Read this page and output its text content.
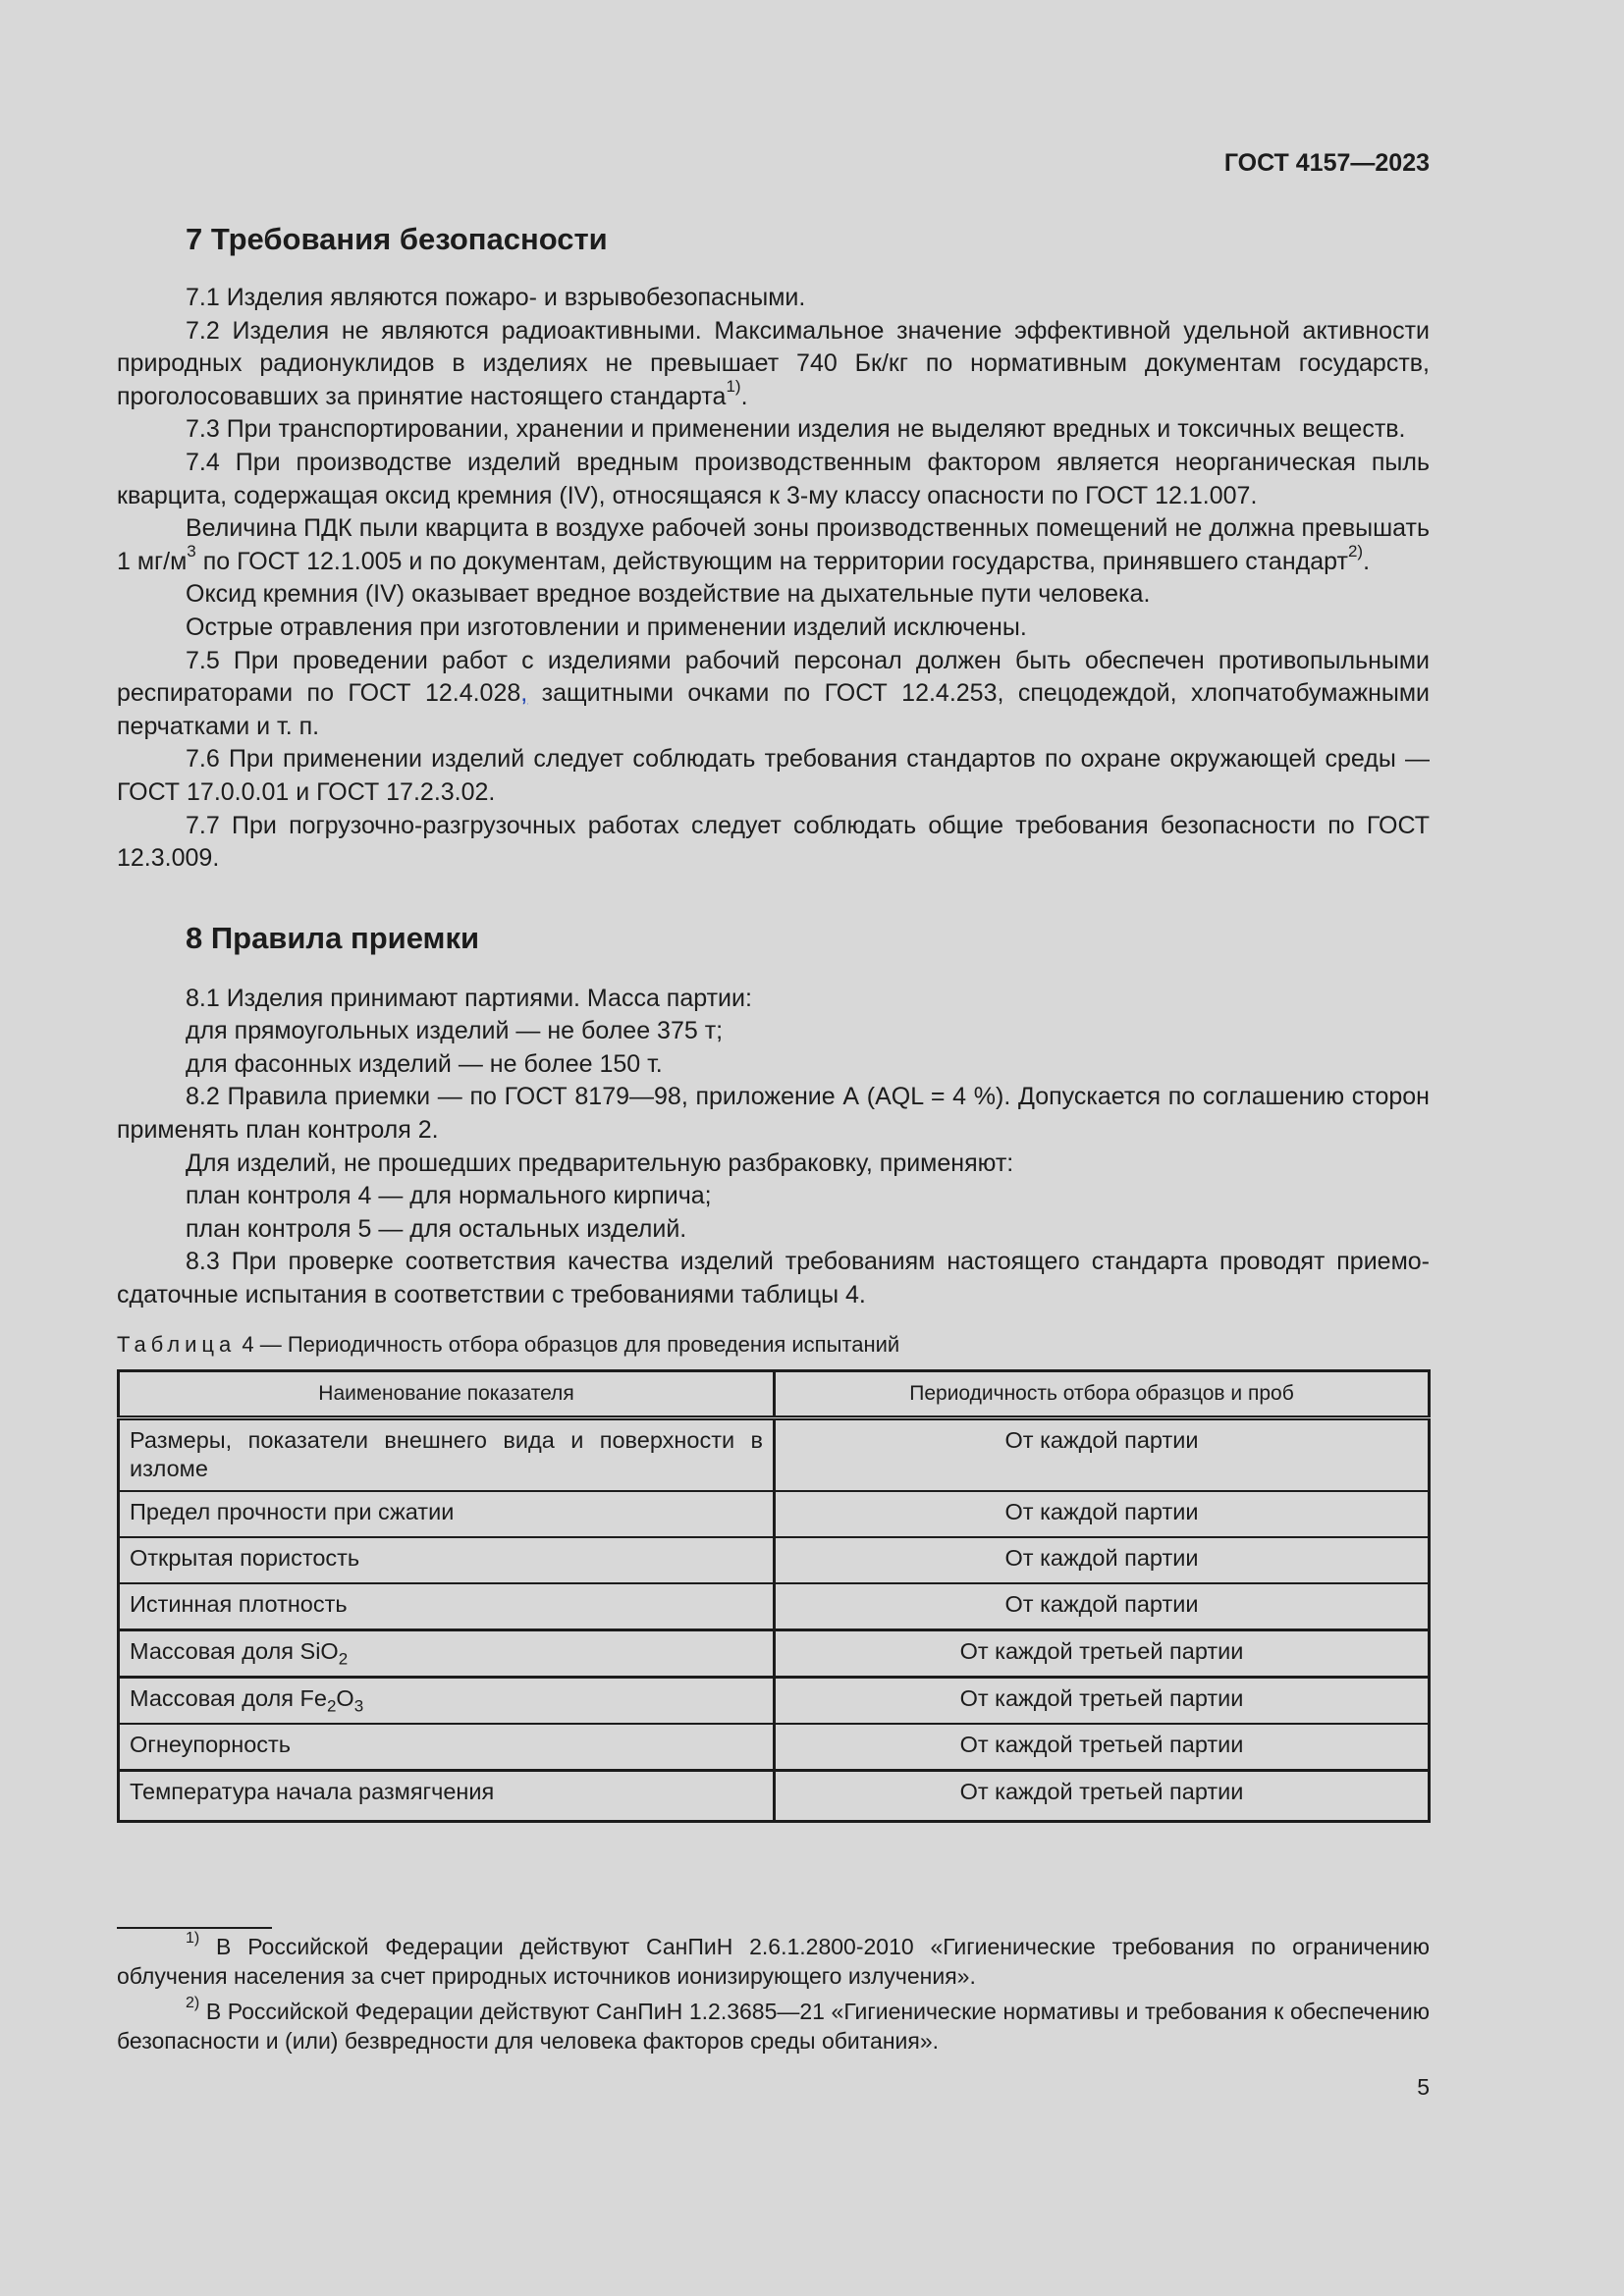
ГОСТ 4157—2023
7 Требования безопасности

7.1 Изделия являются пожаро- и взрывобезопасными.

7.2 Изделия не являются радиоактивными. Максимальное значение эффективной удельной активности природных радионуклидов в изделиях не превышает 740 Бк/кг по нормативным документам государств, проголосовавших за принятие настоящего стандарта$^{1)}$.

7.3 При транспортировании, хранении и применении изделия не выделяют вредных и токсичных веществ.

7.4 При производстве изделий вредным производственным фактором является неорганическая пыль кварцита, содержащая оксид кремния (IV), относящаяся к 3-му классу опасности по ГОСТ 12.1.007.

Величина ПДК пыли кварцита в воздухе рабочей зоны производственных помещений не должна превышать 1 $мг/м^3$ по ГОСТ 12.1.005 и по документам, действующим на территории государства, принявшего стандарт$^{2)}$.

Оксид кремния (IV) оказывает вредное воздействие на дыхательные пути человека.

Острые отравления при изготовлении и применении изделий исключены.

7.5 При проведении работ с изделиями рабочий персонал должен быть обеспечен противопыльными респираторами по ГОСТ 12.4.028, защитными очками по ГОСТ 12.4.253, спецодеждой, хлопчатобумажными перчатками и т. п.

7.6 При применении изделий следует соблюдать требования стандартов по охране окружающей среды — ГОСТ 17.0.0.01 и ГОСТ 17.2.3.02.

7.7 При погрузочно-разгрузочных работах следует соблюдать общие требования безопасности по ГОСТ 12.3.009.

8 Правила приемки

8.1 Изделия принимают партиями. Масса партии:

для прямоугольных изделий — не более 375 т;

для фасонных изделий — не более 150 т.

8.2 Правила приемки — по ГОСТ 8179—98, приложение А (AQL = 4 %). Допускается по соглашению сторон применять план контроля 2.

Для изделий, не прошедших предварительную разбраковку, применяют:

план контроля 4 — для нормального кирпича;

план контроля 5 — для остальных изделий.

8.3 При проверке соответствия качества изделий требованиям настоящего стандарта проводят приемо-сдаточные испытания в соответствии с требованиями таблицы 4.

Таблица 4 — Периодичность отбора образцов для проведения испытаний
Наименование показателя	Периодичность отбора образцов и проб
Размеры, показатели внешнего вида и поверхности в изломе	От каждой партии
Предел прочности при сжатии	От каждой партии
Открытая пористость	От каждой партии
Истинная плотность	От каждой партии
Массовая доля SiO$_2$	От каждой третьей партии
Массовая доля $Fe_2O_3$	От каждой третьей партии
Огнеупорность	От каждой третьей партии
Температура начала размягчения	От каждой третьей партии

$^{1)}$ В Российской Федерации действуют СанПиН 2.6.1.2800-2010 «Гигиенические требования по ограничению облучения населения за счет природных источников ионизирующего излучения».

$^{2)}$ В Российской Федерации действуют СанПиН 1.2.3685—21 «Гигиенические нормативы и требования к обеспечению безопасности и (или) безвредности для человека факторов среды обитания».

5
